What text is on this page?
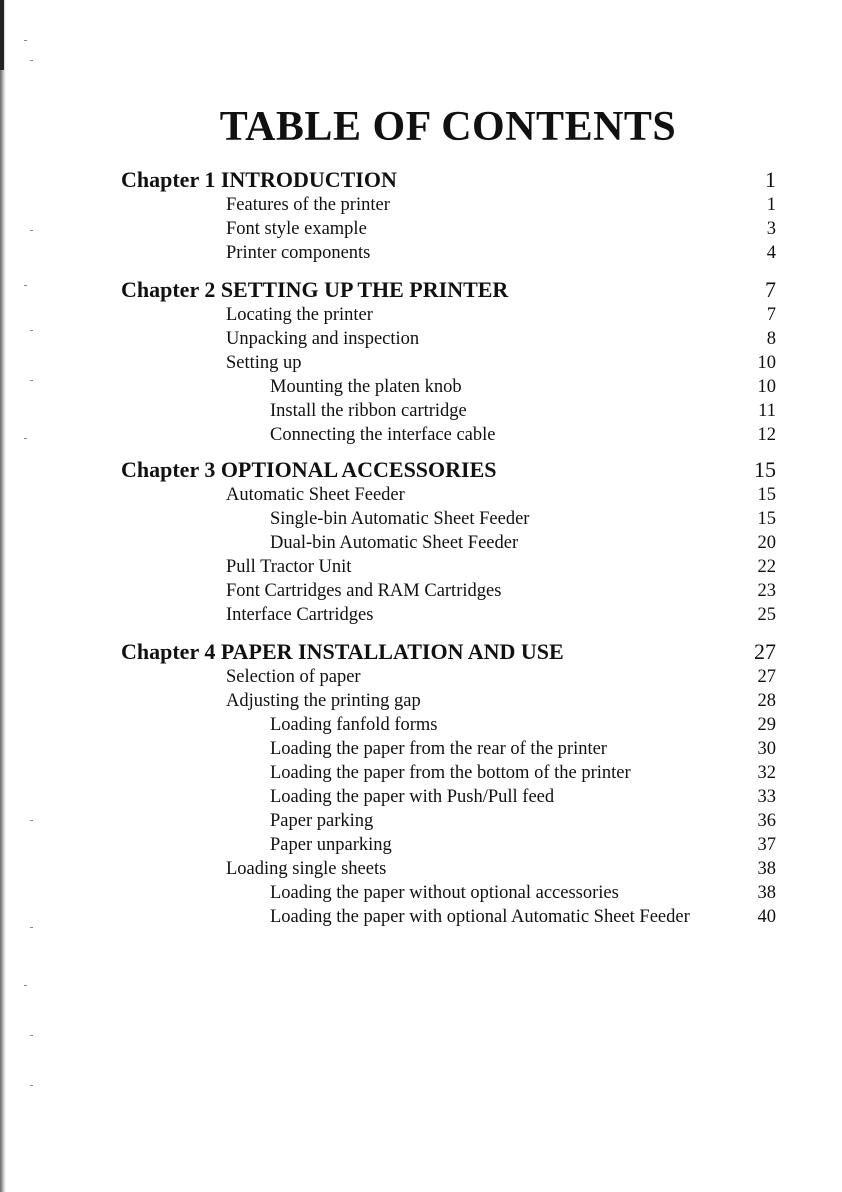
TABLE OF CONTENTS
Chapter 1 INTRODUCTION	1
Features of the printer	1
Font style example	3
Printer components	4
Chapter 2 SETTING UP THE PRINTER	7
Locating the printer	7
Unpacking and inspection	8
Setting up	10
Mounting the platen knob	10
Install the ribbon cartridge	11
Connecting the interface cable	12
Chapter 3 OPTIONAL ACCESSORIES	15
Automatic Sheet Feeder	15
Single-bin Automatic Sheet Feeder	15
Dual-bin Automatic Sheet Feeder	20
Pull Tractor Unit	22
Font Cartridges and RAM Cartridges	23
Interface Cartridges	25
Chapter 4 PAPER INSTALLATION AND USE	27
Selection of paper	27
Adjusting the printing gap	28
Loading fanfold forms	29
Loading the paper from the rear of the printer	30
Loading the paper from the bottom of the printer	32
Loading the paper with Push/Pull feed	33
Paper parking	36
Paper unparking	37
Loading single sheets	38
Loading the paper without optional accessories	38
Loading the paper with optional Automatic Sheet Feeder	40
